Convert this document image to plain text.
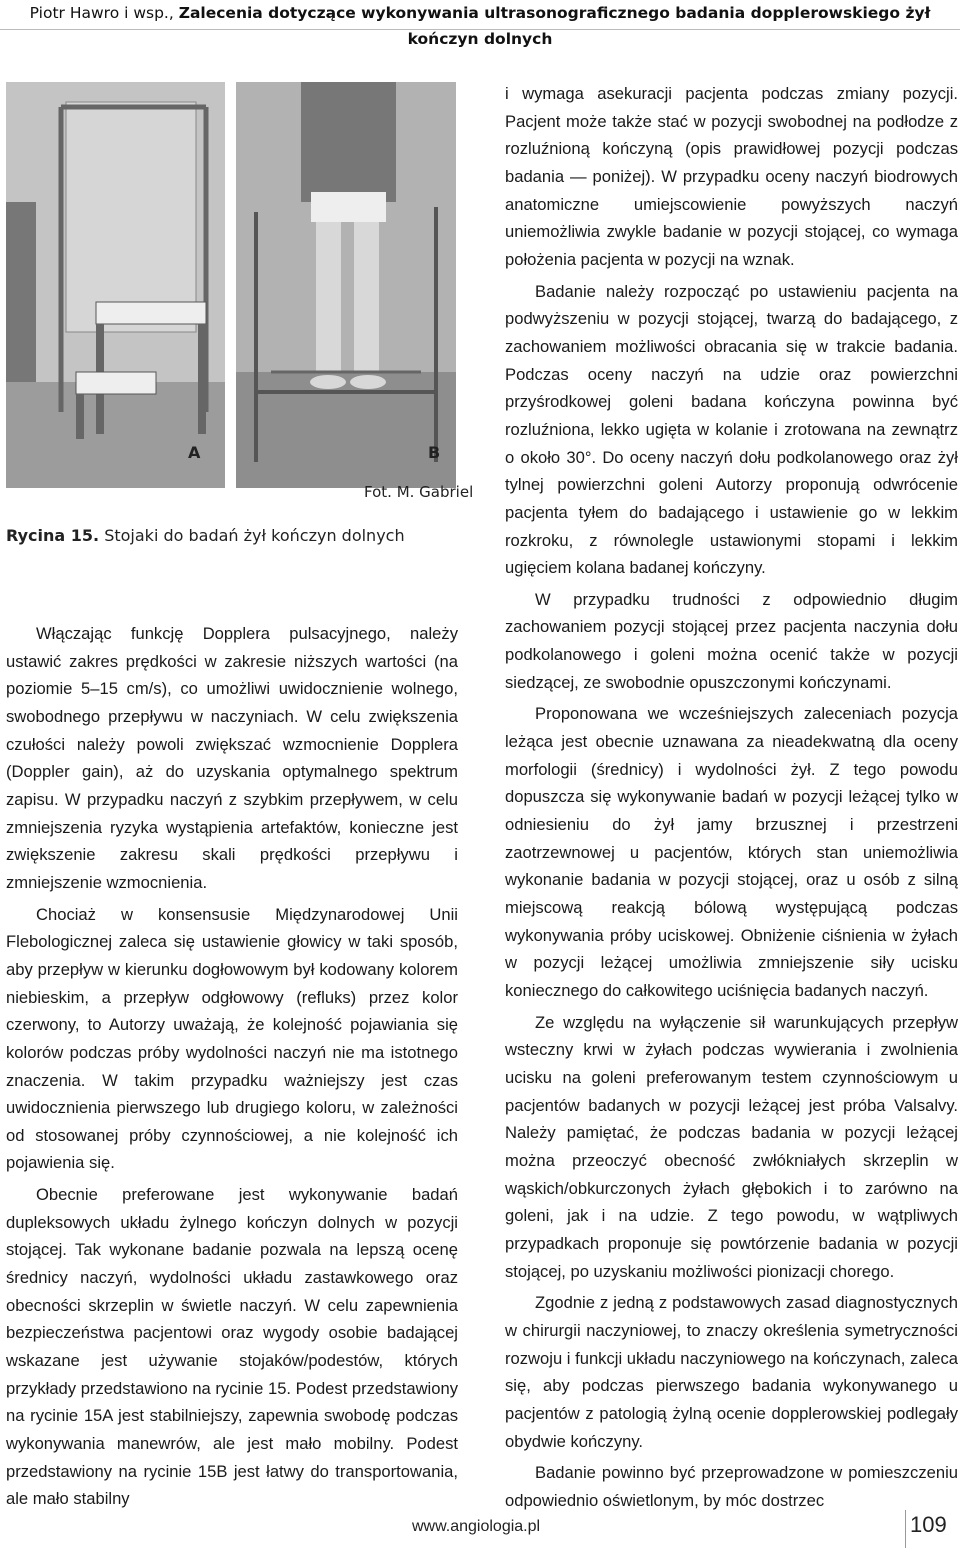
Piotr Hawro i wsp., Zalecenia dotyczące wykonywania ultrasonograficznego badania dopplerowskiego żył kończyn dolnych
A	B
Fot. M. Gabriel
Rycina 15. Stojaki do badań żył kończyn dolnych

Włączając funkcję Dopplera pulsacyjnego, należy ustawić zakres prędkości w zakresie niższych wartości (na poziomie 5–15 cm/s), co umożliwi uwidocznienie wolnego, swobodnego przepływu w naczyniach. W celu zwiększenia czułości należy powoli zwiększać wzmocnienie Dopplera (Doppler gain), aż do uzyskania optymalnego spektrum zapisu. W przypadku naczyń z szybkim przepływem, w celu zmniejszenia ryzyka wystąpienia artefaktów, konieczne jest zwiększenie zakresu skali prędkości przepływu i zmniejszenie wzmocnienia.

Chociaż w konsensusie Międzynarodowej Unii Flebologicznej zaleca się ustawienie głowicy w taki sposób, aby przepływ w kierunku dogłowowym był kodowany kolorem niebieskim, a przepływ odgłowowy (refluks) przez kolor czerwony, to Autorzy uważają, że kolejność pojawiania się kolorów podczas próby wydolności naczyń nie ma istotnego znaczenia. W takim przypadku ważniejszy jest czas uwidocznienia pierwszego lub drugiego koloru, w zależności od stosowanej próby czynnościowej, a nie kolejność ich pojawienia się.

Obecnie preferowane jest wykonywanie badań dupleksowych układu żylnego kończyn dolnych w pozycji stojącej. Tak wykonane badanie pozwala na lepszą ocenę średnicy naczyń, wydolności układu zastawkowego oraz obecności skrzeplin w świetle naczyń. W celu zapewnienia bezpieczeństwa pacjentowi oraz wygody osobie badającej wskazane jest używanie stojaków/podestów, których przykłady przedstawiono na rycinie 15. Podest przedstawiony na rycinie 15A jest stabilniejszy, zapewnia swobodę podczas wykonywania manewrów, ale jest mało mobilny. Podest przedstawiony na rycinie 15B jest łatwy do transportowania, ale mało stabilny

i wymaga asekuracji pacjenta podczas zmiany pozycji. Pacjent może także stać w pozycji swobodnej na podłodze z rozluźnioną kończyną (opis prawidłowej pozycji podczas badania — poniżej). W przypadku oceny naczyń biodrowych anatomiczne umiejscowienie powyższych naczyń uniemożliwia zwykle badanie w pozycji stojącej, co wymaga położenia pacjenta w pozycji na wznak.

Badanie należy rozpocząć po ustawieniu pacjenta na podwyższeniu w pozycji stojącej, twarzą do badającego, z zachowaniem możliwości obracania się w trakcie badania. Podczas oceny naczyń na udzie oraz powierzchni przyśrodkowej goleni badana kończyna powinna być rozluźniona, lekko ugięta w kolanie i zrotowana na zewnątrz o około 30°. Do oceny naczyń dołu podkolanowego oraz żył tylnej powierzchni goleni Autorzy proponują odwrócenie pacjenta tyłem do badającego i ustawienie go w lekkim rozkroku, z równolegle ustawionymi stopami i lekkim ugięciem kolana badanej kończyny.

W przypadku trudności z odpowiednio długim zachowaniem pozycji stojącej przez pacjenta naczynia dołu podkolanowego i goleni można ocenić także w pozycji siedzącej, ze swobodnie opuszczonymi kończynami.

Proponowana we wcześniejszych zaleceniach pozycja leżąca jest obecnie uznawana za nieadekwatną dla oceny morfologii (średnicy) i wydolności żył. Z tego powodu dopuszcza się wykonywanie badań w pozycji leżącej tylko w odniesieniu do żył jamy brzusznej i przestrzeni zaotrzewnowej u pacjentów, których stan uniemożliwia wykonanie badania w pozycji stojącej, oraz u osób z silną miejscową reakcją bólową występującą podczas wykonywania próby uciskowej. Obniżenie ciśnienia w żyłach w pozycji leżącej umożliwia zmniejszenie siły ucisku koniecznego do całkowitego uciśnięcia badanych naczyń.

Ze względu na wyłączenie sił warunkujących przepływ wsteczny krwi w żyłach podczas wywierania i zwolnienia ucisku na goleni preferowanym testem czynnościowym u pacjentów badanych w pozycji leżącej jest próba Valsalvy. Należy pamiętać, że podczas badania w pozycji leżącej można przeoczyć obecność zwłókniałych skrzeplin w wąskich/obkurczonych żyłach głębokich i to zarówno na goleni, jak i na udzie. Z tego powodu, w wątpliwych przypadkach proponuje się powtórzenie badania w pozycji stojącej, po uzyskaniu możliwości pionizacji chorego.

Zgodnie z jedną z podstawowych zasad diagnostycznych w chirurgii naczyniowej, to znaczy określenia symetryczności rozwoju i funkcji układu naczyniowego na kończynach, zaleca się, aby podczas pierwszego badania wykonywanego u pacjentów z patologią żylną ocenie dopplerowskiej podlegały obydwie kończyny.

Badanie powinno być przeprowadzone w pomieszczeniu odpowiednio oświetlonym, by móc dostrzec

www.angiologia.pl	109
